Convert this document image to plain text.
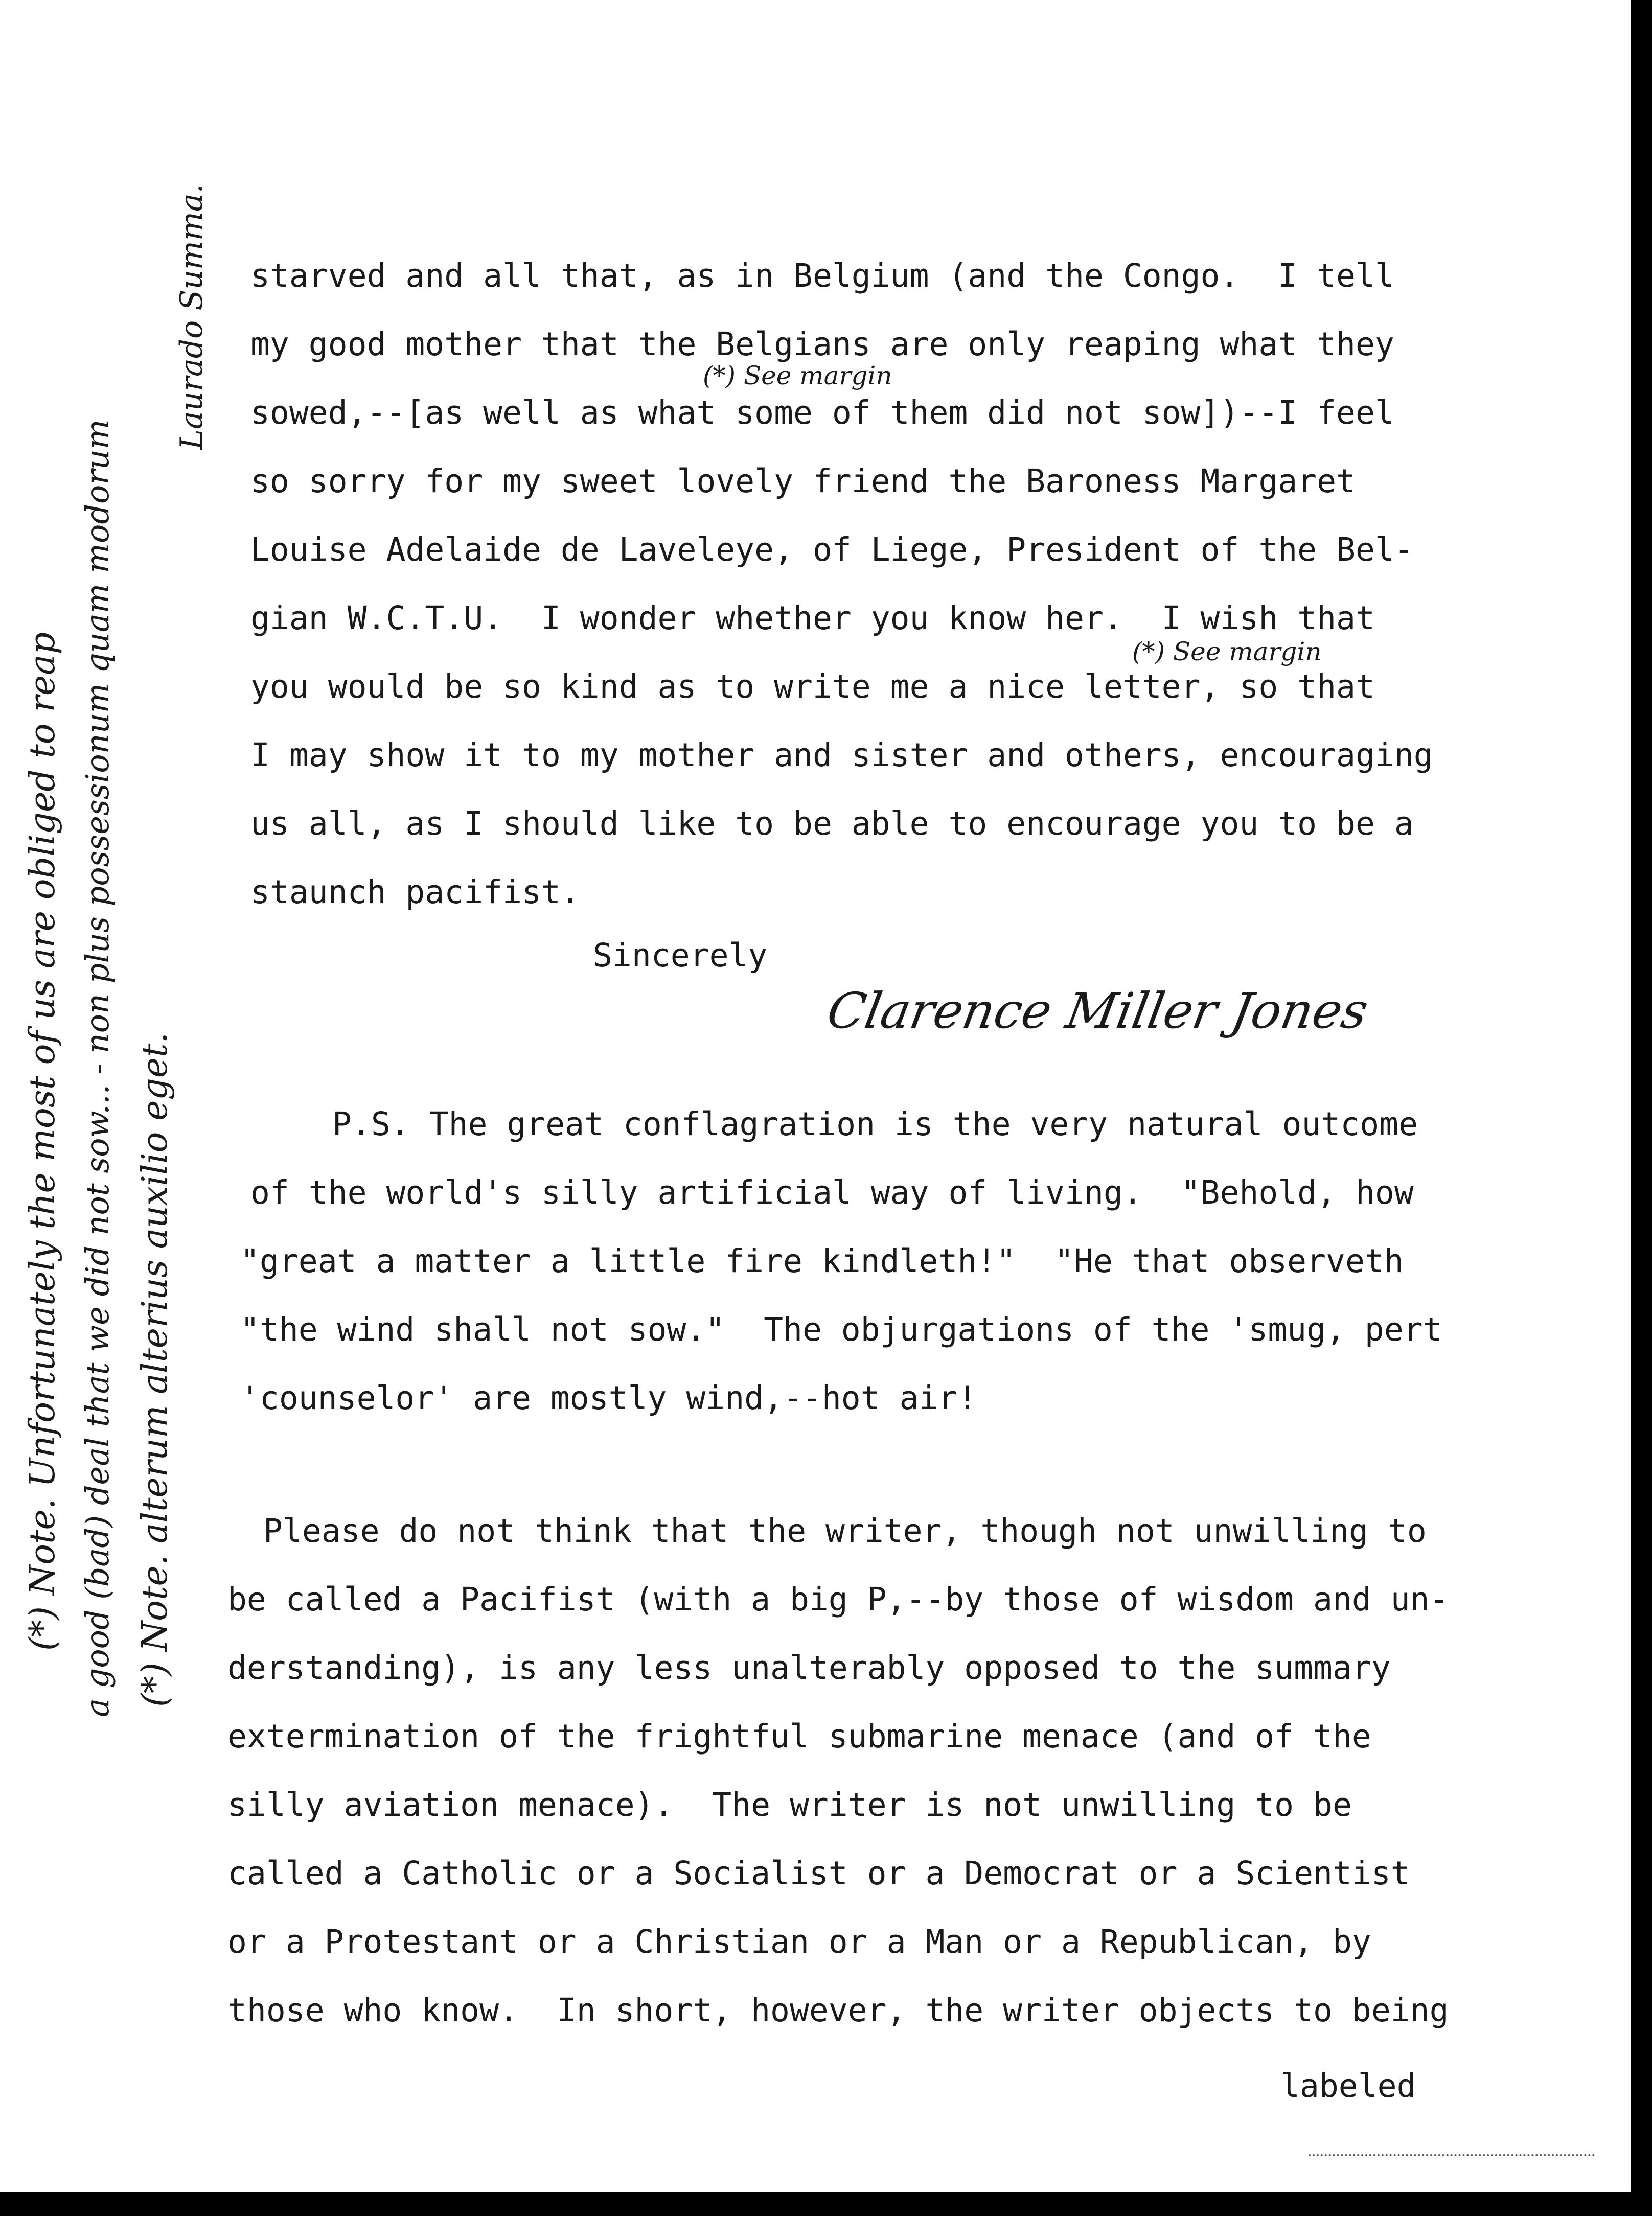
starved and all that, as in Belgium (and the Congo.  I tell
my good mother that the Belgians are only reaping what they
sowed,--[as well as what some of them did not sow])--I feel
so sorry for my sweet lovely friend the Baroness Margaret
Louise Adelaide de Laveleye, of Liege, President of the Bel-
gian W.C.T.U.  I wonder whether you know her.  I wish that
you would be so kind as to write me a nice letter, so that
I may show it to my mother and sister and others, encouraging
us all, as I should like to be able to encourage you to be a
staunch pacifist.
(*) See margin
(*) See margin
Sincerely
Clarence Miller Jones
P.S. The great conflagration is the very natural outcome
of the world's silly artificial way of living.  "Behold, how
"great a matter a little fire kindleth!"  "He that observeth
"the wind shall not sow."  The objurgations of the 'smug, pert
'counselor' are mostly wind,--hot air!
Please do not think that the writer, though not unwilling to
be called a Pacifist (with a big P,--by those of wisdom and un-
derstanding), is any less unalterably opposed to the summary
extermination of the frightful submarine menace (and of the
silly aviation menace).  The writer is not unwilling to be
called a Catholic or a Socialist or a Democrat or a Scientist
or a Protestant or a Christian or a Man or a Republican, by
those who know.  In short, however, the writer objects to being
labeled
(*) Note. Unfortunately the most of us are obliged to reap a good (bad) deal that we did not sow... - non plus possessionum quam modorum (*) Note. alterum alterius auxilio eget.
Laurado Summa.
